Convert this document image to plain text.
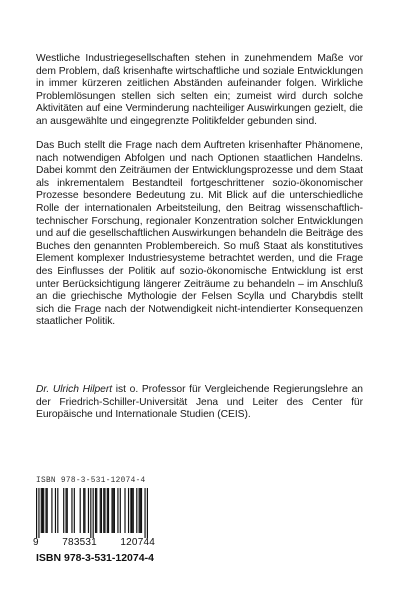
Westliche Industriegesellschaften stehen in zunehmendem Maße vor dem Problem, daß krisenhafte wirtschaftliche und soziale Entwicklungen in immer kürzeren zeitlichen Abständen aufeinander folgen. Wirkliche Problemlösungen stellen sich selten ein; zumeist wird durch solche Aktivitäten auf eine Verminderung nachteiliger Auswirkungen gezielt, die an ausgewählte und eingegrenzte Politikfelder gebunden sind.

Das Buch stellt die Frage nach dem Auftreten krisenhafter Phänomene, nach notwendigen Abfolgen und nach Optionen staatlichen Handelns. Dabei kommt den Zeiträumen der Entwicklungsprozesse und dem Staat als inkrementalem Bestandteil fortgeschrittener sozio-ökonomischer Prozesse besondere Bedeutung zu. Mit Blick auf die unterschiedliche Rolle der internationalen Arbeitsteilung, den Beitrag wissenschaftlich-technischer Forschung, regionaler Konzentration solcher Entwicklungen und auf die gesellschaftlichen Auswirkungen behandeln die Beiträge des Buches den genannten Problembereich. So muß Staat als konstitutives Element komplexer Industriesysteme betrachtet werden, und die Frage des Einflusses der Politik auf sozio-ökonomische Entwicklung ist erst unter Berücksichtigung längerer Zeiträume zu behandeln – im Anschluß an die griechische Mythologie der Felsen Scylla und Charybdis stellt sich die Frage nach der Notwendigkeit nicht-intendierter Konsequenzen staatlicher Politik.

Dr. Ulrich Hilpert ist o. Professor für Vergleichende Regierungslehre an der Friedrich-Schiller-Universität Jena und Leiter des Center für Europäische und Internationale Studien (CEIS).

ISBN 978-3-531-12074-4
9 783531 120744
ISBN 978-3-531-12074-4
